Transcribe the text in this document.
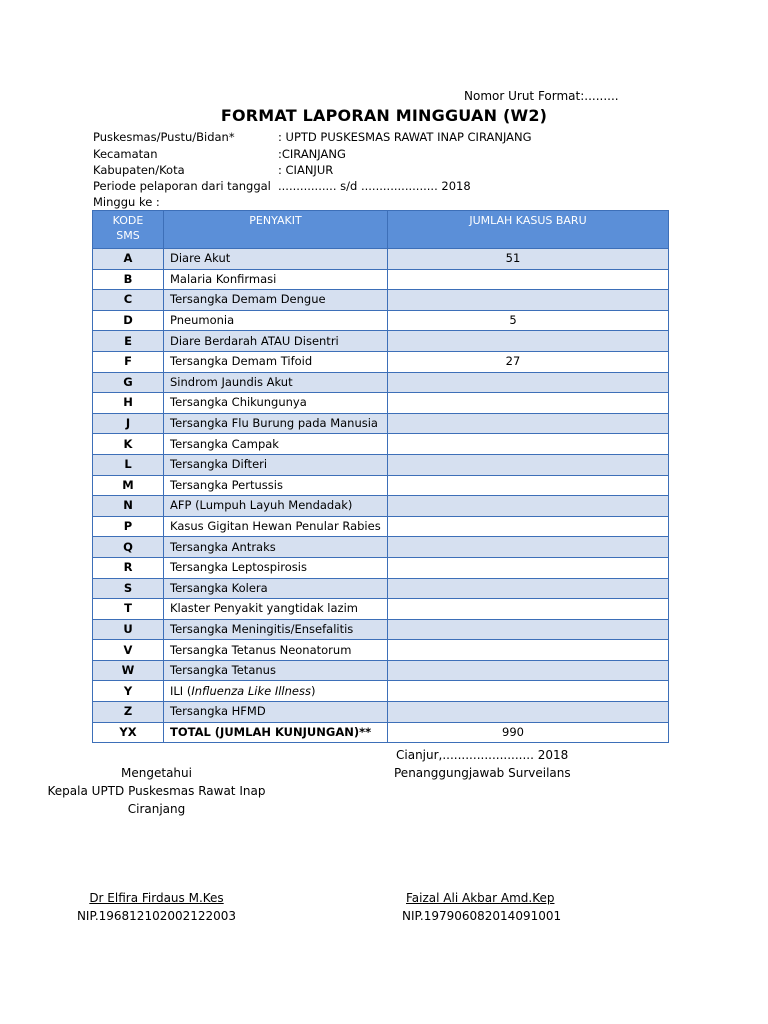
Nomor Urut Format:.........
FORMAT LAPORAN MINGGUAN (W2)
Puskesmas/Pustu/Bidan*	: UPTD PUSKESMAS RAWAT INAP CIRANJANG
Kecamatan	:CIRANJANG
Kabupaten/Kota	: CIANJUR
Periode pelaporan dari tanggal ................ s/d ..................... 2018
Minggu ke :
KODE SMS	PENYAKIT	JUMLAH KASUS BARU
A	Diare Akut	51
B	Malaria Konfirmasi	
C	Tersangka Demam Dengue	
D	Pneumonia	5
E	Diare Berdarah ATAU Disentri	
F	Tersangka Demam Tifoid	27
G	Sindrom Jaundis Akut	
H	Tersangka Chikungunya	
J	Tersangka Flu Burung pada Manusia	
K	Tersangka Campak	
L	Tersangka Difteri	
M	Tersangka Pertussis	
N	AFP (Lumpuh Layuh Mendadak)	
P	Kasus Gigitan Hewan Penular Rabies	
Q	Tersangka Antraks	
R	Tersangka Leptospirosis	
S	Tersangka Kolera	
T	Klaster Penyakit yangtidak lazim	
U	Tersangka Meningitis/Ensefalitis	
V	Tersangka Tetanus Neonatorum	
W	Tersangka Tetanus	
Y	ILI (Influenza Like Illness)	
Z	Tersangka HFMD	
YX	TOTAL (JUMLAH KUNJUNGAN)**	990
Cianjur,........................ 2018
Mengetahui
Kepala UPTD Puskesmas Rawat Inap
Ciranjang
Penanggungjawab Surveilans
Dr Elfira Firdaus M.Kes
NIP.196812102002122003
Faizal Ali Akbar Amd.Kep
NIP.197906082014091001
